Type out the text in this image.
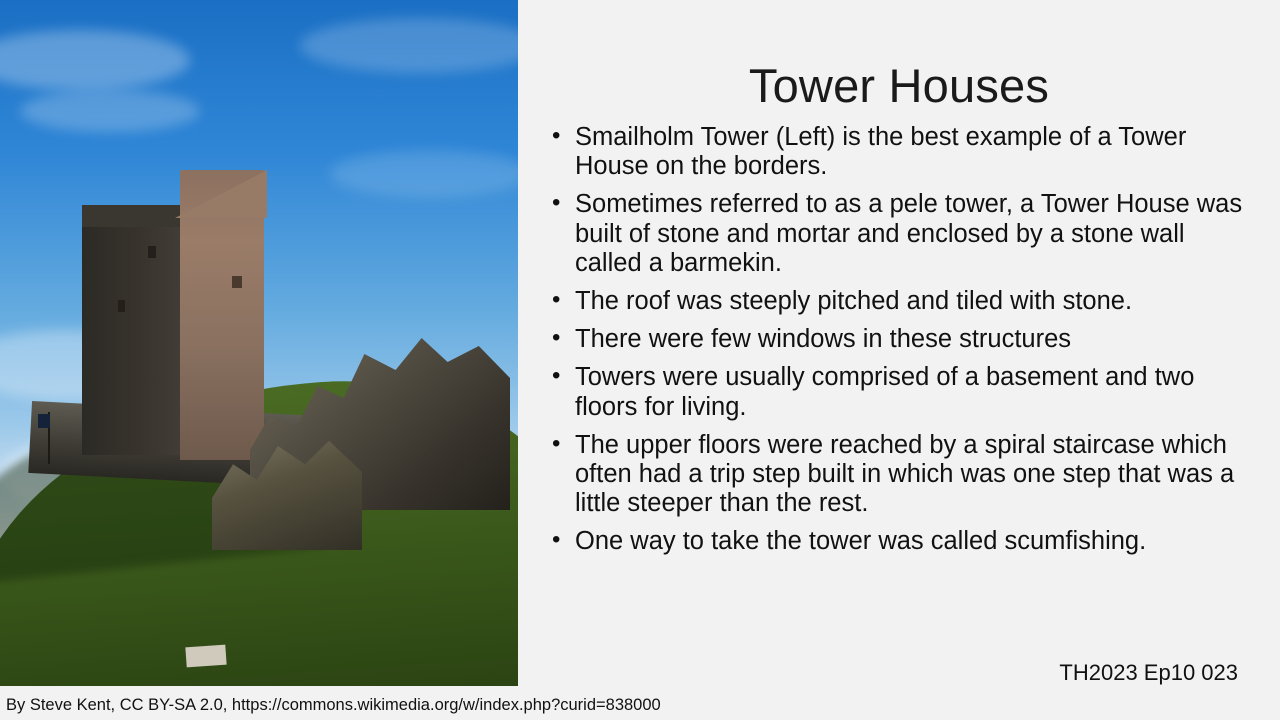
Tower Houses
• Smailholm Tower (Left) is the best example of a Tower House on the borders.
• Sometimes referred to as a pele tower, a Tower House was built of stone and mortar and enclosed by a stone wall called a barmekin.
• The roof was steeply pitched and tiled with stone.
• There were few windows in these structures
• Towers were usually comprised of a basement and two floors for living.
• The upper floors were reached by a spiral staircase which often had a trip step built in which was one step that was a little steeper than the rest.
• One way to take the tower was called scumfishing.
TH2023 Ep10 023
By Steve Kent, CC BY-SA 2.0, https://commons.wikimedia.org/w/index.php?curid=838000
